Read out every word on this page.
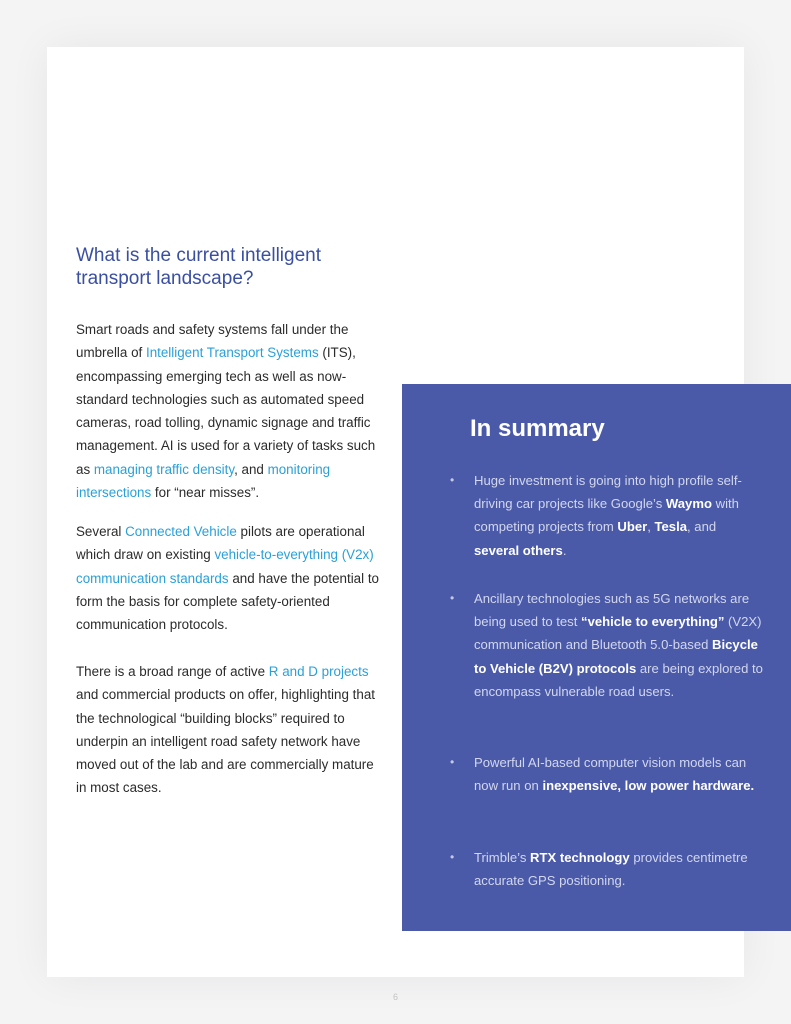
What is the current intelligent transport landscape?

Smart roads and safety systems fall under the umbrella of Intelligent Transport Systems (ITS), encompassing emerging tech as well as now-standard technologies such as automated speed cameras, road tolling, dynamic signage and traffic management. AI is used for a variety of tasks such as managing traffic density, and monitoring intersections for “near misses”.

Several Connected Vehicle pilots are operational which draw on existing vehicle-to-everything (V2x) communication standards and have the potential to form the basis for complete safety-oriented communication protocols.

There is a broad range of active R and D projects and commercial products on offer, highlighting that the technological “building blocks” required to underpin an intelligent road safety network have moved out of the lab and are commercially mature in most cases.

In summary
• Huge investment is going into high profile self-driving car projects like Google’s Waymo with competing projects from Uber, Tesla, and several others.
• Ancillary technologies such as 5G networks are being used to test “vehicle to everything” (V2X) communication and Bluetooth 5.0-based Bicycle to Vehicle (B2V) protocols are being explored to encompass vulnerable road users.
• Powerful AI-based computer vision models can now run on inexpensive, low power hardware.
• Trimble’s RTX technology provides centimetre accurate GPS positioning.
6
